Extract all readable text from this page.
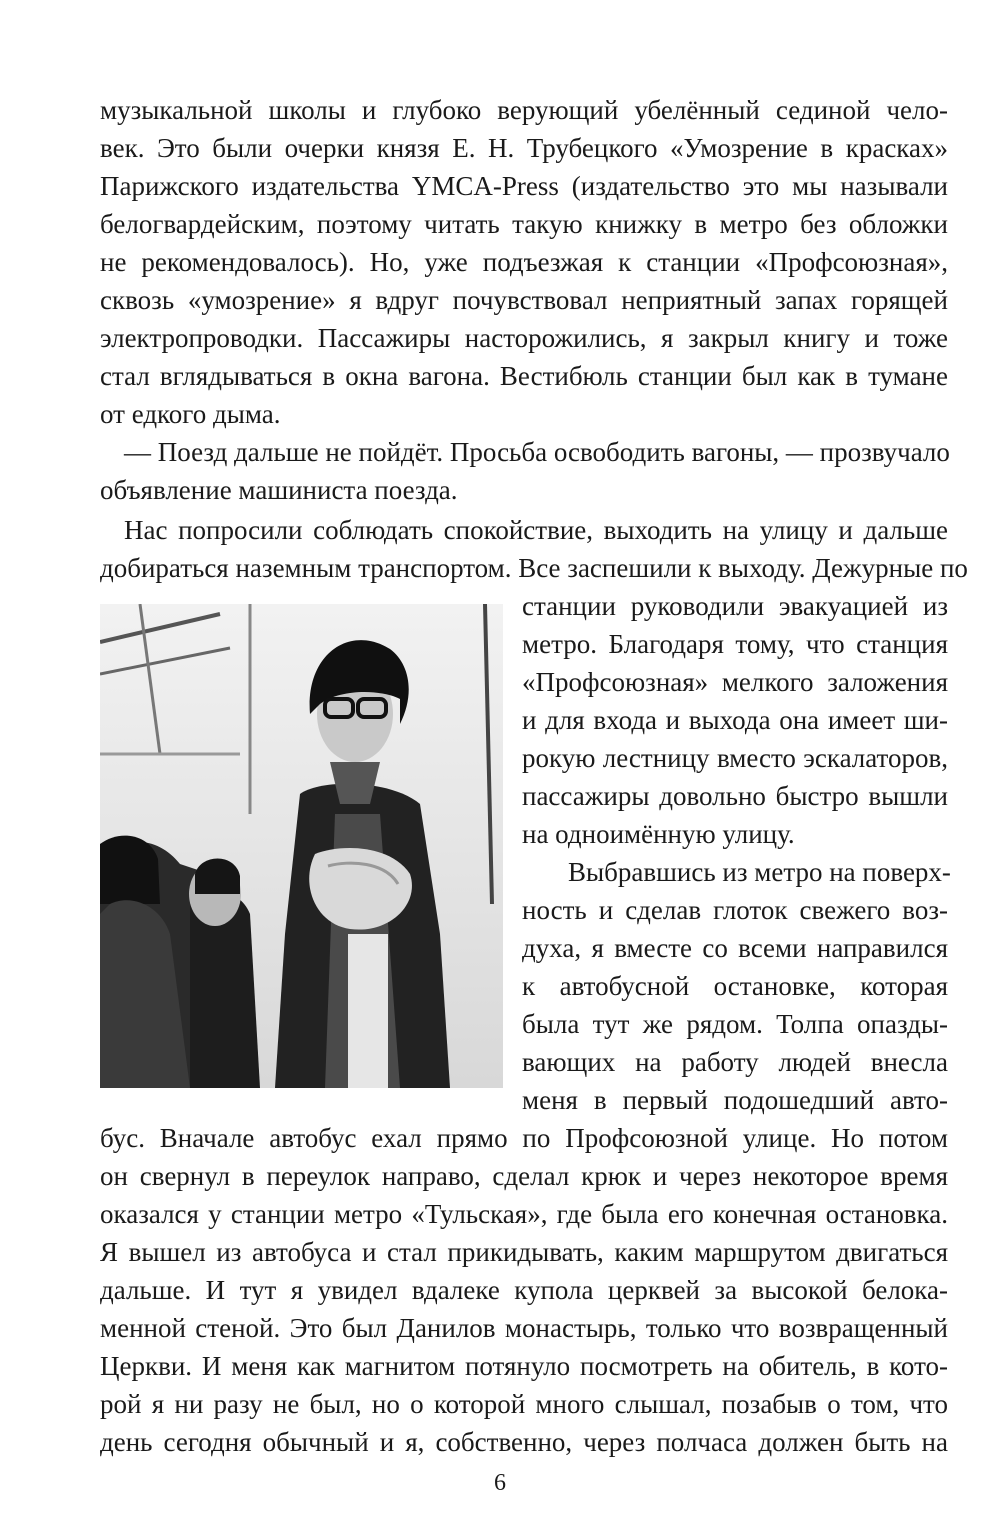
музыкальной школы и глубоко верующий убелённый сединой чело-
век. Это были очерки князя Е. Н. Трубецкого «Умозрение в красках»
Парижского издательства YMCA-Press (издательство это мы называли
белогвардейским, поэтому читать такую книжку в метро без обложки
не рекомендовалось). Но, уже подъезжая к станции «Профсоюзная»,
сквозь «умозрение» я вдруг почувствовал неприятный запах горящей
электропроводки. Пассажиры насторожились, я закрыл книгу и тоже
стал вглядываться в окна вагона. Вестибюль станции был как в тумане
от едкого дыма.
— Поезд дальше не пойдёт. Просьба освободить вагоны, — прозвучало
объявление машиниста поезда.
Нас попросили соблюдать спокойствие, выходить на улицу и дальше
добираться наземным транспортом. Все заспешили к выходу. Дежурные по
станции руководили эвакуацией из
метро. Благодаря тому, что станция
«Профсоюзная» мелкого заложения
и для входа и выхода она имеет ши-
рокую лестницу вместо эскалаторов,
пассажиры довольно быстро вышли
на одноимённую улицу.
Выбравшись из метро на поверх-
ность и сделав глоток свежего воз-
духа, я вместе со всеми направился
к автобусной остановке, которая
была тут же рядом. Толпа опазды-
вающих на работу людей внесла
меня в первый подошедший авто-
бус. Вначале автобус ехал прямо по Профсоюзной улице. Но потом
он свернул в переулок направо, сделал крюк и через некоторое время
оказался у станции метро «Тульская», где была его конечная остановка.
Я вышел из автобуса и стал прикидывать, каким маршрутом двигаться
дальше. И тут я увидел вдалеке купола церквей за высокой белока-
менной стеной. Это был Данилов монастырь, только что возвращенный
Церкви. И меня как магнитом потянуло посмотреть на обитель, в кото-
рой я ни разу не был, но о которой много слышал, позабыв о том, что
день сегодня обычный и я, собственно, через полчаса должен быть на
6
